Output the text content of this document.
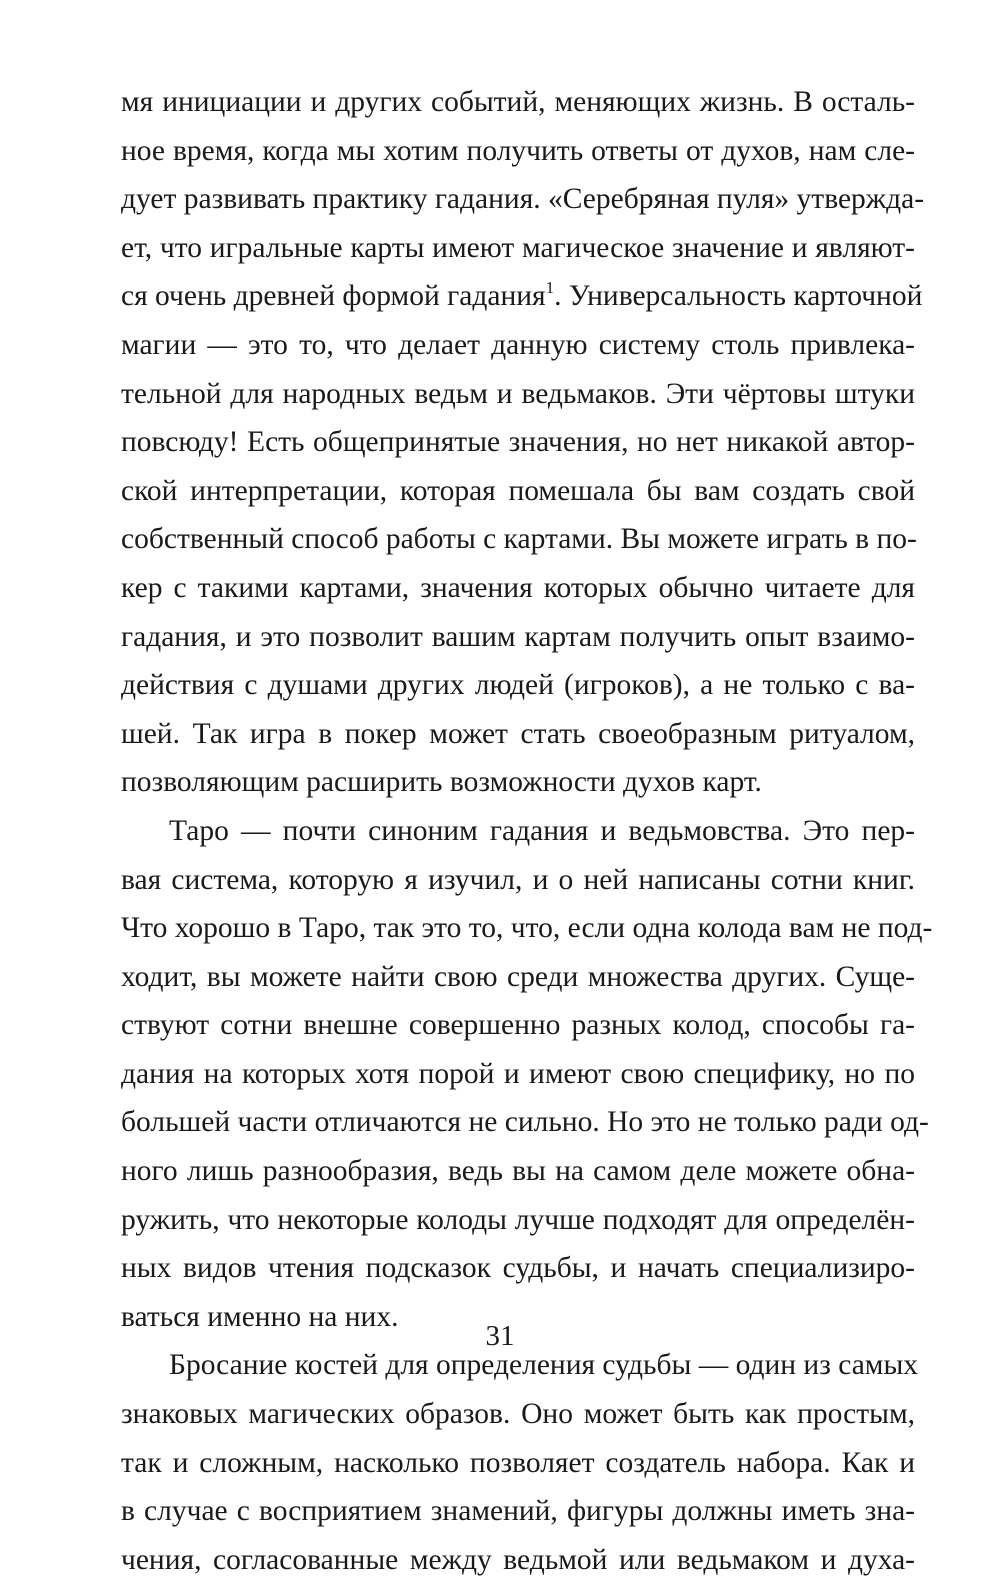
мя инициации и других событий, меняющих жизнь. В осталь-
ное время, когда мы хотим получить ответы от духов, нам сле-
дует развивать практику гадания. «Серебряная пуля» утвержда-
ет, что игральные карты имеют магическое значение и являют-
ся очень древней формой гадания$^1$. Универсальность карточной
магии — это то, что делает данную систему столь привлека-
тельной для народных ведьм и ведьмаков. Эти чёртовы штуки
повсюду! Есть общепринятые значения, но нет никакой автор-
ской интерпретации, которая помешала бы вам создать свой
собственный способ работы с картами. Вы можете играть в по-
кер с такими картами, значения которых обычно читаете для
гадания, и это позволит вашим картам получить опыт взаимо-
действия с душами других людей (игроков), а не только с ва-
шей. Так игра в покер может стать своеобразным ритуалом,
позволяющим расширить возможности духов карт.
Таро — почти синоним гадания и ведьмовства. Это пер-
вая система, которую я изучил, и о ней написаны сотни книг.
Что хорошо в Таро, так это то, что, если одна колода вам не под-
ходит, вы можете найти свою среди множества других. Суще-
ствуют сотни внешне совершенно разных колод, способы га-
дания на которых хотя порой и имеют свою специфику, но по
большей части отличаются не сильно. Но это не только ради од-
ного лишь разнообразия, ведь вы на самом деле можете обна-
ружить, что некоторые колоды лучше подходят для определён-
ных видов чтения подсказок судьбы, и начать специализиро-
ваться именно на них.
Бросание костей для определения судьбы — один из самых
знаковых магических образов. Оно может быть как простым,
так и сложным, насколько позволяет создатель набора. Как и
в случае с восприятием знамений, фигуры должны иметь зна-
чения, согласованные между ведьмой или ведьмаком и духа-
31
